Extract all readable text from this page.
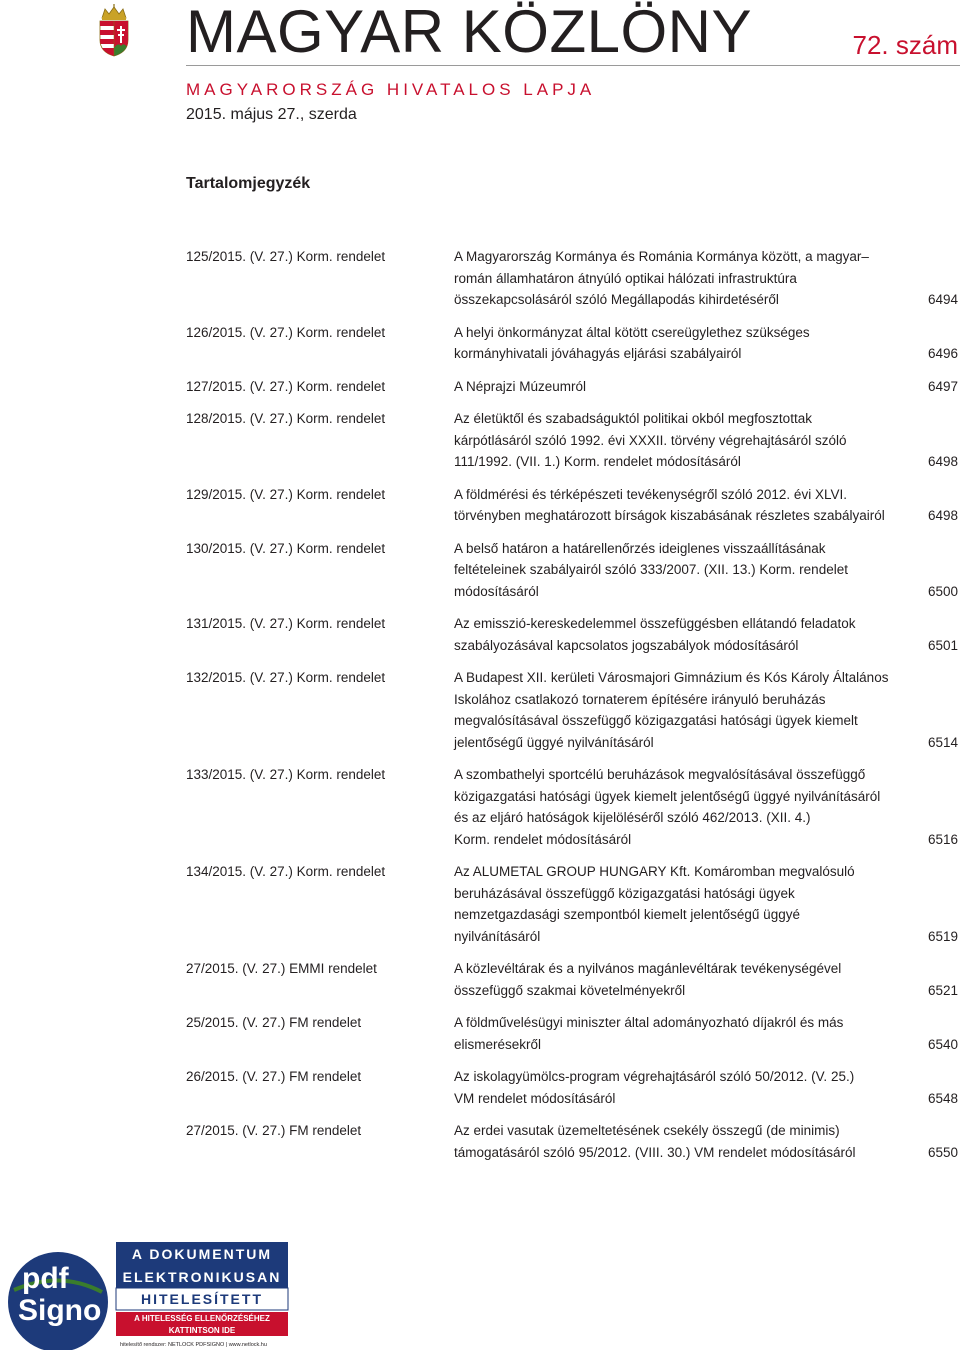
MAGYAR KÖZLÖNY	72. szám
MAGYARORSZÁG HIVATALOS LAPJA
2015. május 27., szerda
Tartalomjegyzék
125/2015. (V. 27.) Korm. rendelet	A Magyarország Kormánya és Románia Kormánya között, a magyar–
román államhatáron átnyúló optikai hálózati infrastruktúra
összekapcsolásáról szóló Megállapodás kihirdetéséről	6494
126/2015. (V. 27.) Korm. rendelet	A helyi önkormányzat által kötött csereügylethez szükséges
kormányhivatali jóváhagyás eljárási szabályairól	6496
127/2015. (V. 27.) Korm. rendelet	A Néprajzi Múzeumról	6497
128/2015. (V. 27.) Korm. rendelet	Az életüktől és szabadságuktól politikai okból megfosztottak
kárpótlásáról szóló 1992. évi XXXII. törvény végrehajtásáról szóló
111/1992. (VII. 1.) Korm. rendelet módosításáról	6498
129/2015. (V. 27.) Korm. rendelet	A földmérési és térképészeti tevékenységről szóló 2012. évi XLVI.
törvényben meghatározott bírságok kiszabásának részletes szabályairól	6498
130/2015. (V. 27.) Korm. rendelet	A belső határon a határellenőrzés ideiglenes visszaállításának
feltételeinek szabályairól szóló 333/2007. (XII. 13.) Korm. rendelet
módosításáról	6500
131/2015. (V. 27.) Korm. rendelet	Az emisszió-kereskedelemmel összefüggésben ellátandó feladatok
szabályozásával kapcsolatos jogszabályok módosításáról	6501
132/2015. (V. 27.) Korm. rendelet	A Budapest XII. kerületi Városmajori Gimnázium és Kós Károly Általános
Iskolához csatlakozó tornaterem építésére irányuló beruházás
megvalósításával összefüggő közigazgatási hatósági ügyek kiemelt
jelentőségű üggyé nyilvánításáról	6514
133/2015. (V. 27.) Korm. rendelet	A szombathelyi sportcélú beruházások megvalósításával összefüggő
közigazgatási hatósági ügyek kiemelt jelentőségű üggyé nyilvánításáról
és az eljáró hatóságok kijelöléséről szóló 462/2013. (XII. 4.)
Korm. rendelet módosításáról	6516
134/2015. (V. 27.) Korm. rendelet	Az ALUMETAL GROUP HUNGARY Kft. Komáromban megvalósuló
beruházásával összefüggő közigazgatási hatósági ügyek
nemzetgazdasági szempontból kiemelt jelentőségű üggyé
nyilvánításáról	6519
27/2015. (V. 27.) EMMI rendelet	A közlevéltárak és a nyilvános magánlevéltárak tevékenységével
összefüggő szakmai követelményekről	6521
25/2015. (V. 27.) FM rendelet	A földművelésügyi miniszter által adományozható díjakról és más
elismerésekről	6540
26/2015. (V. 27.) FM rendelet	Az iskolagyümölcs-program végrehajtásáról szóló 50/2012. (V. 25.)
VM rendelet módosításáról	6548
27/2015. (V. 27.) FM rendelet	Az erdei vasutak üzemeltetésének csekély összegű (de minimis)
támogatásáról szóló 95/2012. (VIII. 30.) VM rendelet módosításáról	6550
pdf
Signo
A DOKUMENTUM
ELEKTRONIKUSAN
HITELESÍTETT
A HITELESSÉG ELLENŐRZÉSÉHEZ
KATTINTSON IDE
hitelesítő rendszer: NETLOCK PDFSIGNO | www.netlock.hu
